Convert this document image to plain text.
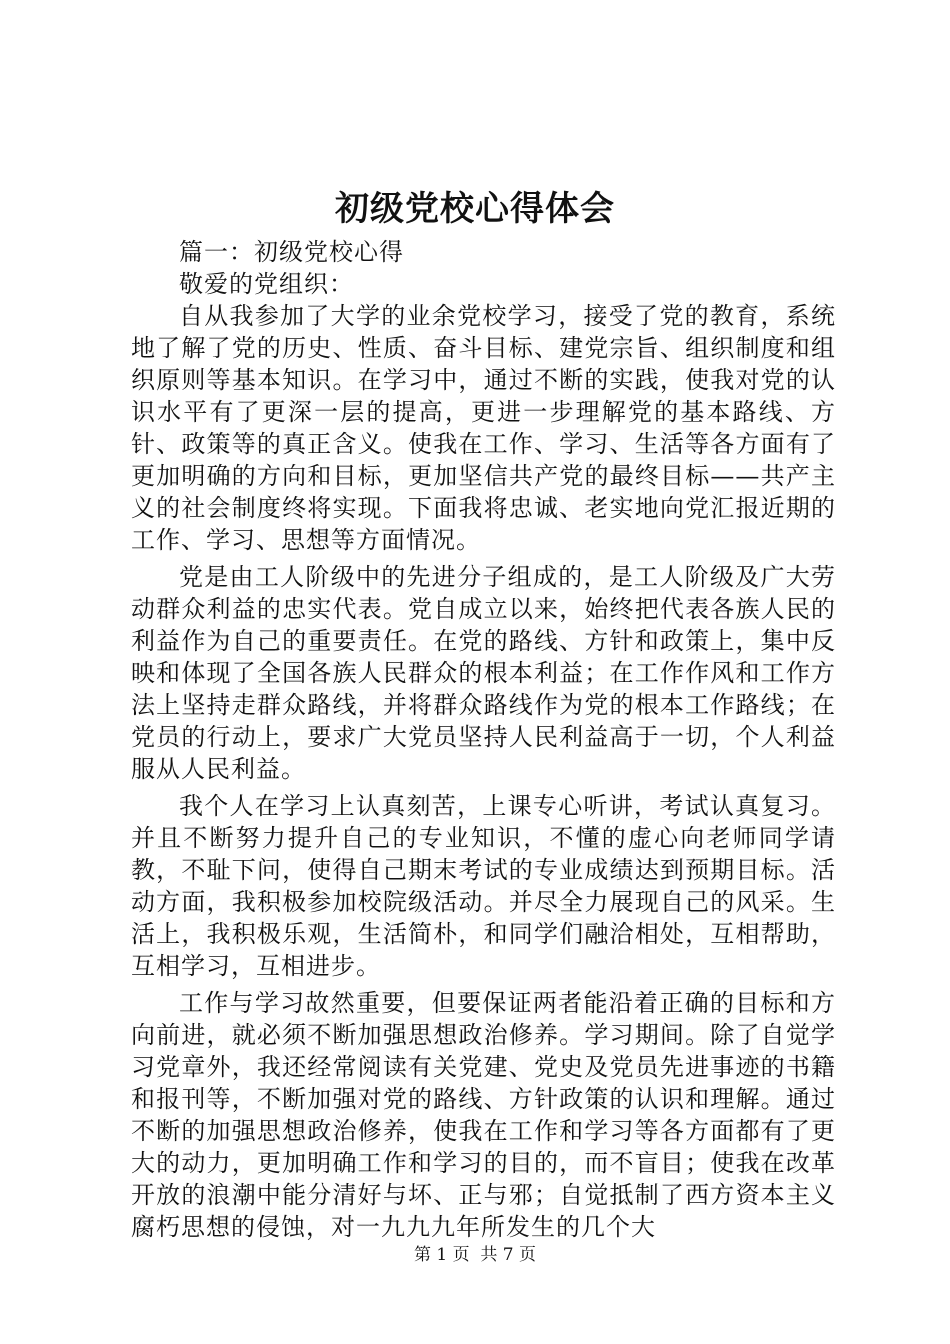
初级党校心得体会

篇一：初级党校心得

敬爱的党组织：

自从我参加了大学的业余党校学习，接受了党的教育，系统地了解了党的历史、性质、奋斗目标、建党宗旨、组织制度和组织原则等基本知识。在学习中，通过不断的实践，使我对党的认识水平有了更深一层的提高，更进一步理解党的基本路线、方针、政策等的真正含义。使我在工作、学习、生活等各方面有了更加明确的方向和目标，更加坚信共产党的最终目标——共产主义的社会制度终将实现。下面我将忠诚、老实地向党汇报近期的工作、学习、思想等方面情况。

党是由工人阶级中的先进分子组成的，是工人阶级及广大劳动群众利益的忠实代表。党自成立以来，始终把代表各族人民的利益作为自己的重要责任。在党的路线、方针和政策上，集中反映和体现了全国各族人民群众的根本利益；在工作作风和工作方法上坚持走群众路线，并将群众路线作为党的根本工作路线；在党员的行动上，要求广大党员坚持人民利益高于一切，个人利益服从人民利益。

我个人在学习上认真刻苦，上课专心听讲，考试认真复习。并且不断努力提升自己的专业知识，不懂的虚心向老师同学请教，不耻下问，使得自己期末考试的专业成绩达到预期目标。活动方面，我积极参加校院级活动。并尽全力展现自己的风采。生活上，我积极乐观，生活简朴，和同学们融洽相处，互相帮助，互相学习，互相进步。

工作与学习故然重要，但要保证两者能沿着正确的目标和方向前进，就必须不断加强思想政治修养。学习期间。除了自觉学习党章外，我还经常阅读有关党建、党史及党员先进事迹的书籍和报刊等，不断加强对党的路线、方针政策的认识和理解。通过不断的加强思想政治修养，使我在工作和学习等各方面都有了更大的动力，更加明确工作和学习的目的，而不盲目；使我在改革开放的浪潮中能分清好与坏、正与邪；自觉抵制了西方资本主义腐朽思想的侵蚀，对一九九九年所发生的几个大

第 1 页  共 7 页
